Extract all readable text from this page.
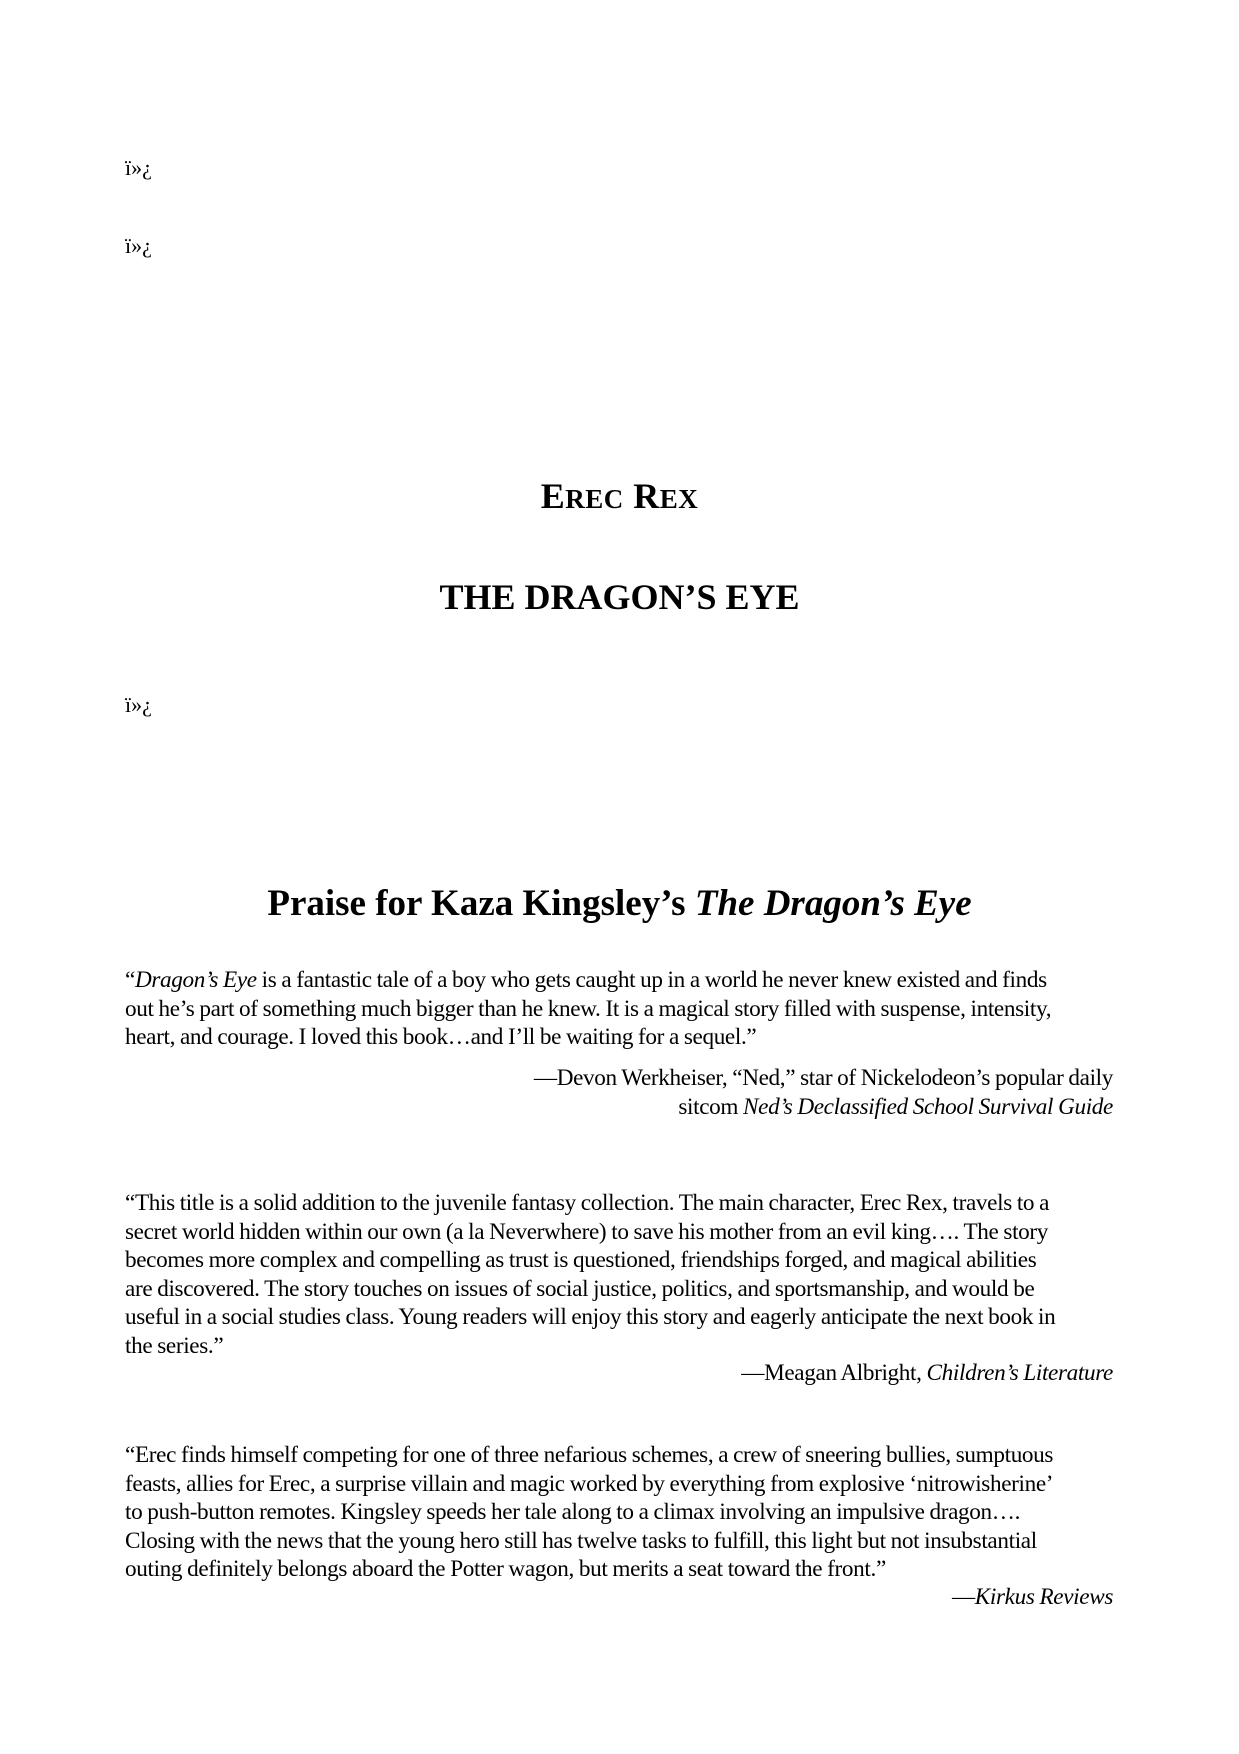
ï»¿
ï»¿
ï»¿
EREC REX
THE DRAGON’S EYE
Praise for Kaza Kingsley’s The Dragon’s Eye
“Dragon’s Eye is a fantastic tale of a boy who gets caught up in a world he never knew existed and finds
out he’s part of something much bigger than he knew. It is a magical story filled with suspense, intensity,
heart, and courage. I loved this book…and I’ll be waiting for a sequel.”
—Devon Werkheiser, “Ned,” star of Nickelodeon’s popular daily
sitcom Ned’s Declassified School Survival Guide
“This title is a solid addition to the juvenile fantasy collection. The main character, Erec Rex, travels to a
secret world hidden within our own (a la Neverwhere) to save his mother from an evil king…. The story
becomes more complex and compelling as trust is questioned, friendships forged, and magical abilities
are discovered. The story touches on issues of social justice, politics, and sportsmanship, and would be
useful in a social studies class. Young readers will enjoy this story and eagerly anticipate the next book in
the series.”
—Meagan Albright, Children’s Literature
“Erec finds himself competing for one of three nefarious schemes, a crew of sneering bullies, sumptuous
feasts, allies for Erec, a surprise villain and magic worked by everything from explosive ‘nitrowisherine’
to push-button remotes. Kingsley speeds her tale along to a climax involving an impulsive dragon….
Closing with the news that the young hero still has twelve tasks to fulfill, this light but not insubstantial
outing definitely belongs aboard the Potter wagon, but merits a seat toward the front.”
—Kirkus Reviews
